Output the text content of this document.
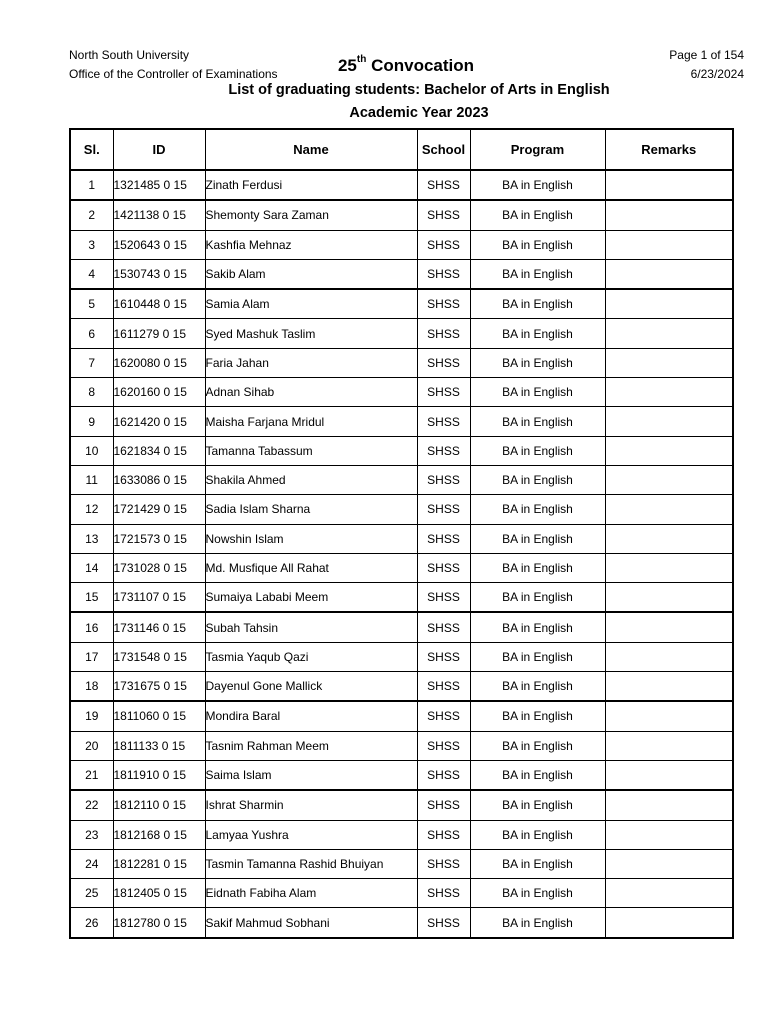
North South University
Office of the Controller of Examinations
Page 1 of 154
6/23/2024
25th Convocation
List of graduating students: Bachelor of Arts in English
Academic Year 2023
Sl.	ID	Name	School	Program	Remarks
1	1321485 0 15	Zinath Ferdusi	SHSS	BA in English	
2	1421138 0 15	Shemonty Sara Zaman	SHSS	BA in English	
3	1520643 0 15	Kashfia Mehnaz	SHSS	BA in English	
4	1530743 0 15	Sakib Alam	SHSS	BA in English	
5	1610448 0 15	Samia Alam	SHSS	BA in English	
6	1611279 0 15	Syed Mashuk Taslim	SHSS	BA in English	
7	1620080 0 15	Faria Jahan	SHSS	BA in English	
8	1620160 0 15	Adnan Sihab	SHSS	BA in English	
9	1621420 0 15	Maisha Farjana Mridul	SHSS	BA in English	
10	1621834 0 15	Tamanna Tabassum	SHSS	BA in English	
11	1633086 0 15	Shakila Ahmed	SHSS	BA in English	
12	1721429 0 15	Sadia Islam Sharna	SHSS	BA in English	
13	1721573 0 15	Nowshin Islam	SHSS	BA in English	
14	1731028 0 15	Md. Musfique All Rahat	SHSS	BA in English	
15	1731107 0 15	Sumaiya Lababi Meem	SHSS	BA in English	
16	1731146 0 15	Subah Tahsin	SHSS	BA in English	
17	1731548 0 15	Tasmia Yaqub Qazi	SHSS	BA in English	
18	1731675 0 15	Dayenul Gone Mallick	SHSS	BA in English	
19	1811060 0 15	Mondira Baral	SHSS	BA in English	
20	1811133 0 15	Tasnim Rahman Meem	SHSS	BA in English	
21	1811910 0 15	Saima Islam	SHSS	BA in English	
22	1812110 0 15	Ishrat Sharmin	SHSS	BA in English	
23	1812168 0 15	Lamyaa Yushra	SHSS	BA in English	
24	1812281 0 15	Tasmin Tamanna Rashid Bhuiyan	SHSS	BA in English	
25	1812405 0 15	Eidnath Fabiha Alam	SHSS	BA in English	
26	1812780 0 15	Sakif Mahmud Sobhani	SHSS	BA in English	
